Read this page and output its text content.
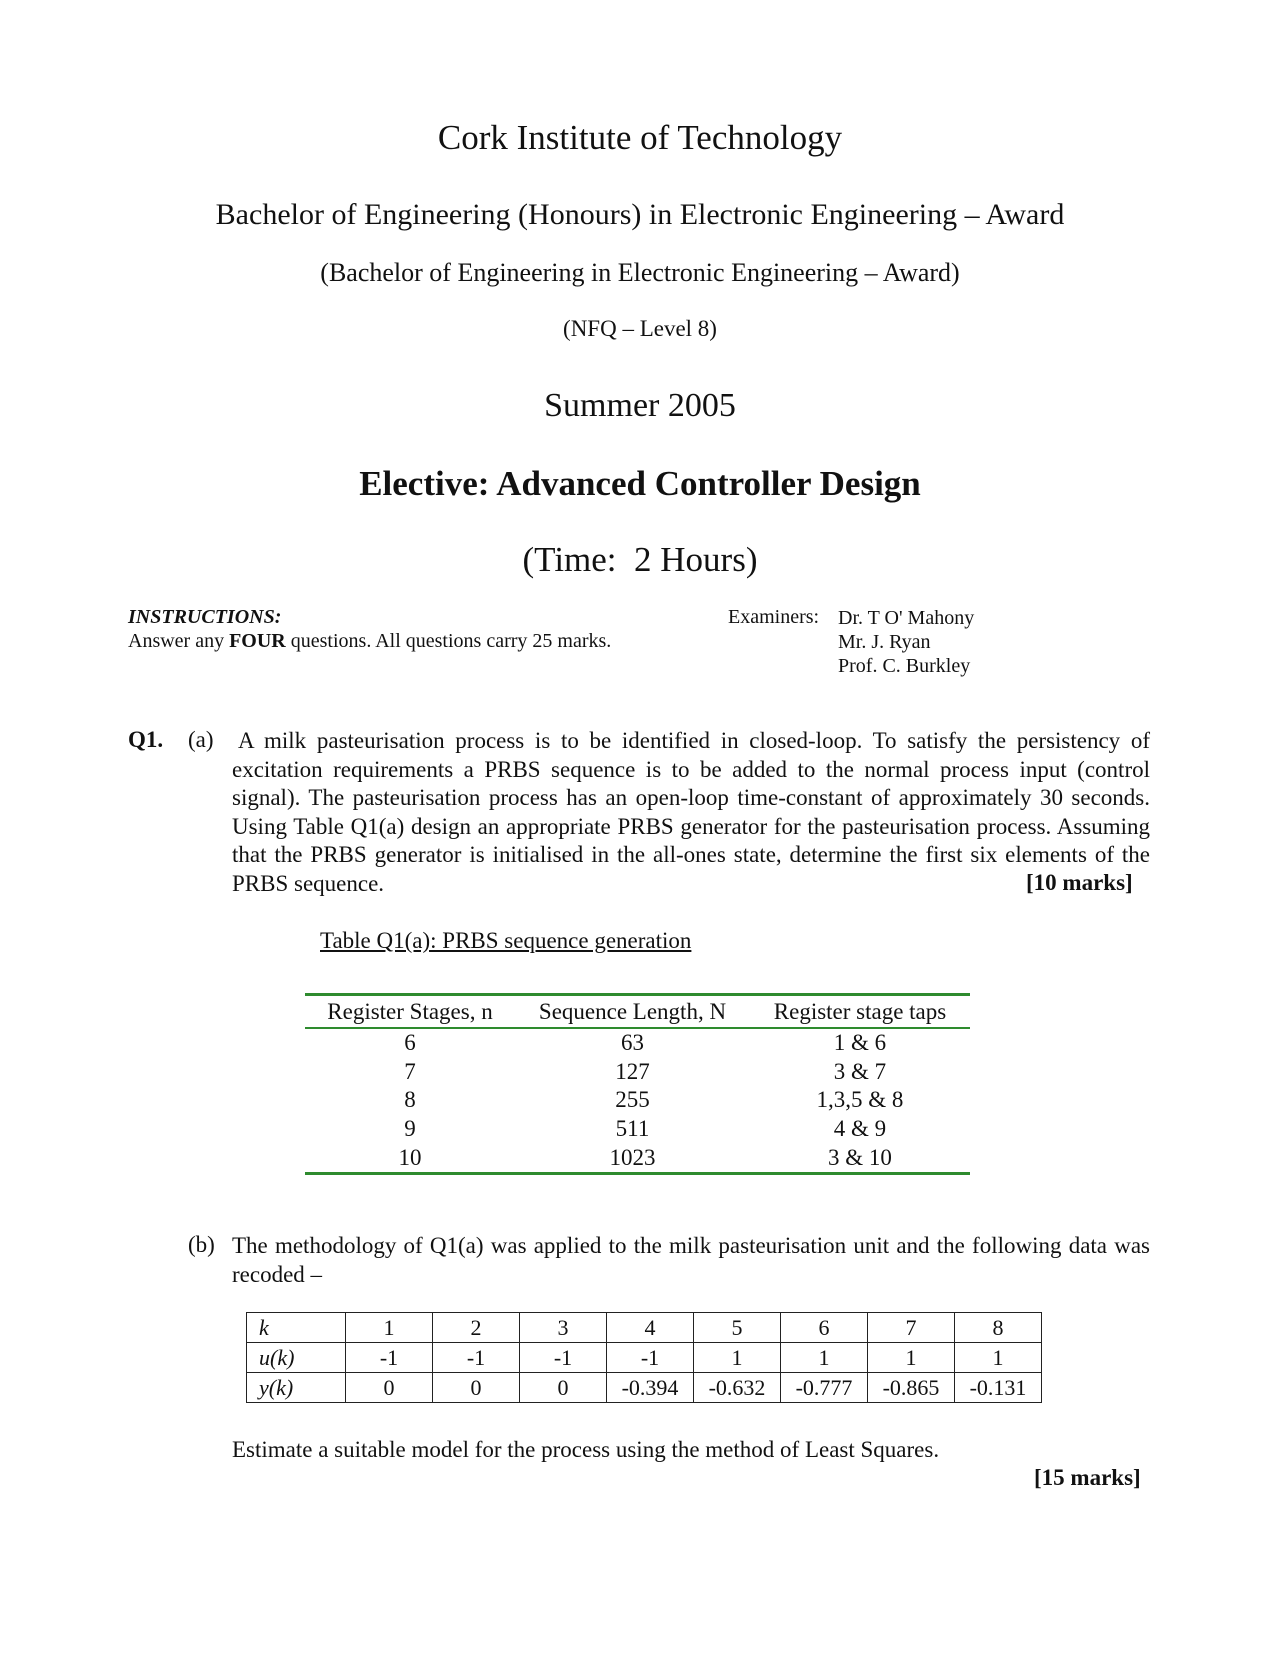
Cork Institute of Technology
Bachelor of Engineering (Honours) in Electronic Engineering – Award
(Bachelor of Engineering in Electronic Engineering – Award)
(NFQ – Level 8)
Summer 2005
Elective: Advanced Controller Design
(Time:  2 Hours)
INSTRUCTIONS:
Answer any FOUR questions. All questions carry 25 marks.
Examiners: Dr. T O' Mahony
Mr. J. Ryan
Prof. C. Burkley
Q1. (a) A milk pasteurisation process is to be identified in closed-loop. To satisfy the persistency of excitation requirements a PRBS sequence is to be added to the normal process input (control signal). The pasteurisation process has an open-loop time-constant of approximately 30 seconds. Using Table Q1(a) design an appropriate PRBS generator for the pasteurisation process. Assuming that the PRBS generator is initialised in the all-ones state, determine the first six elements of the PRBS sequence.	[10 marks]
Table Q1(a): PRBS sequence generation
Register Stages, n	Sequence Length, N	Register stage taps
6	63	1 & 6
7	127	3 & 7
8	255	1,3,5 & 8
9	511	4 & 9
10	1023	3 & 10
(b) The methodology of Q1(a) was applied to the milk pasteurisation unit and the following data was recoded –
k	1	2	3	4	5	6	7	8
u(k)	-1	-1	-1	-1	1	1	1	1
y(k)	0	0	0	-0.394	-0.632	-0.777	-0.865	-0.131
Estimate a suitable model for the process using the method of Least Squares.
[15 marks]
